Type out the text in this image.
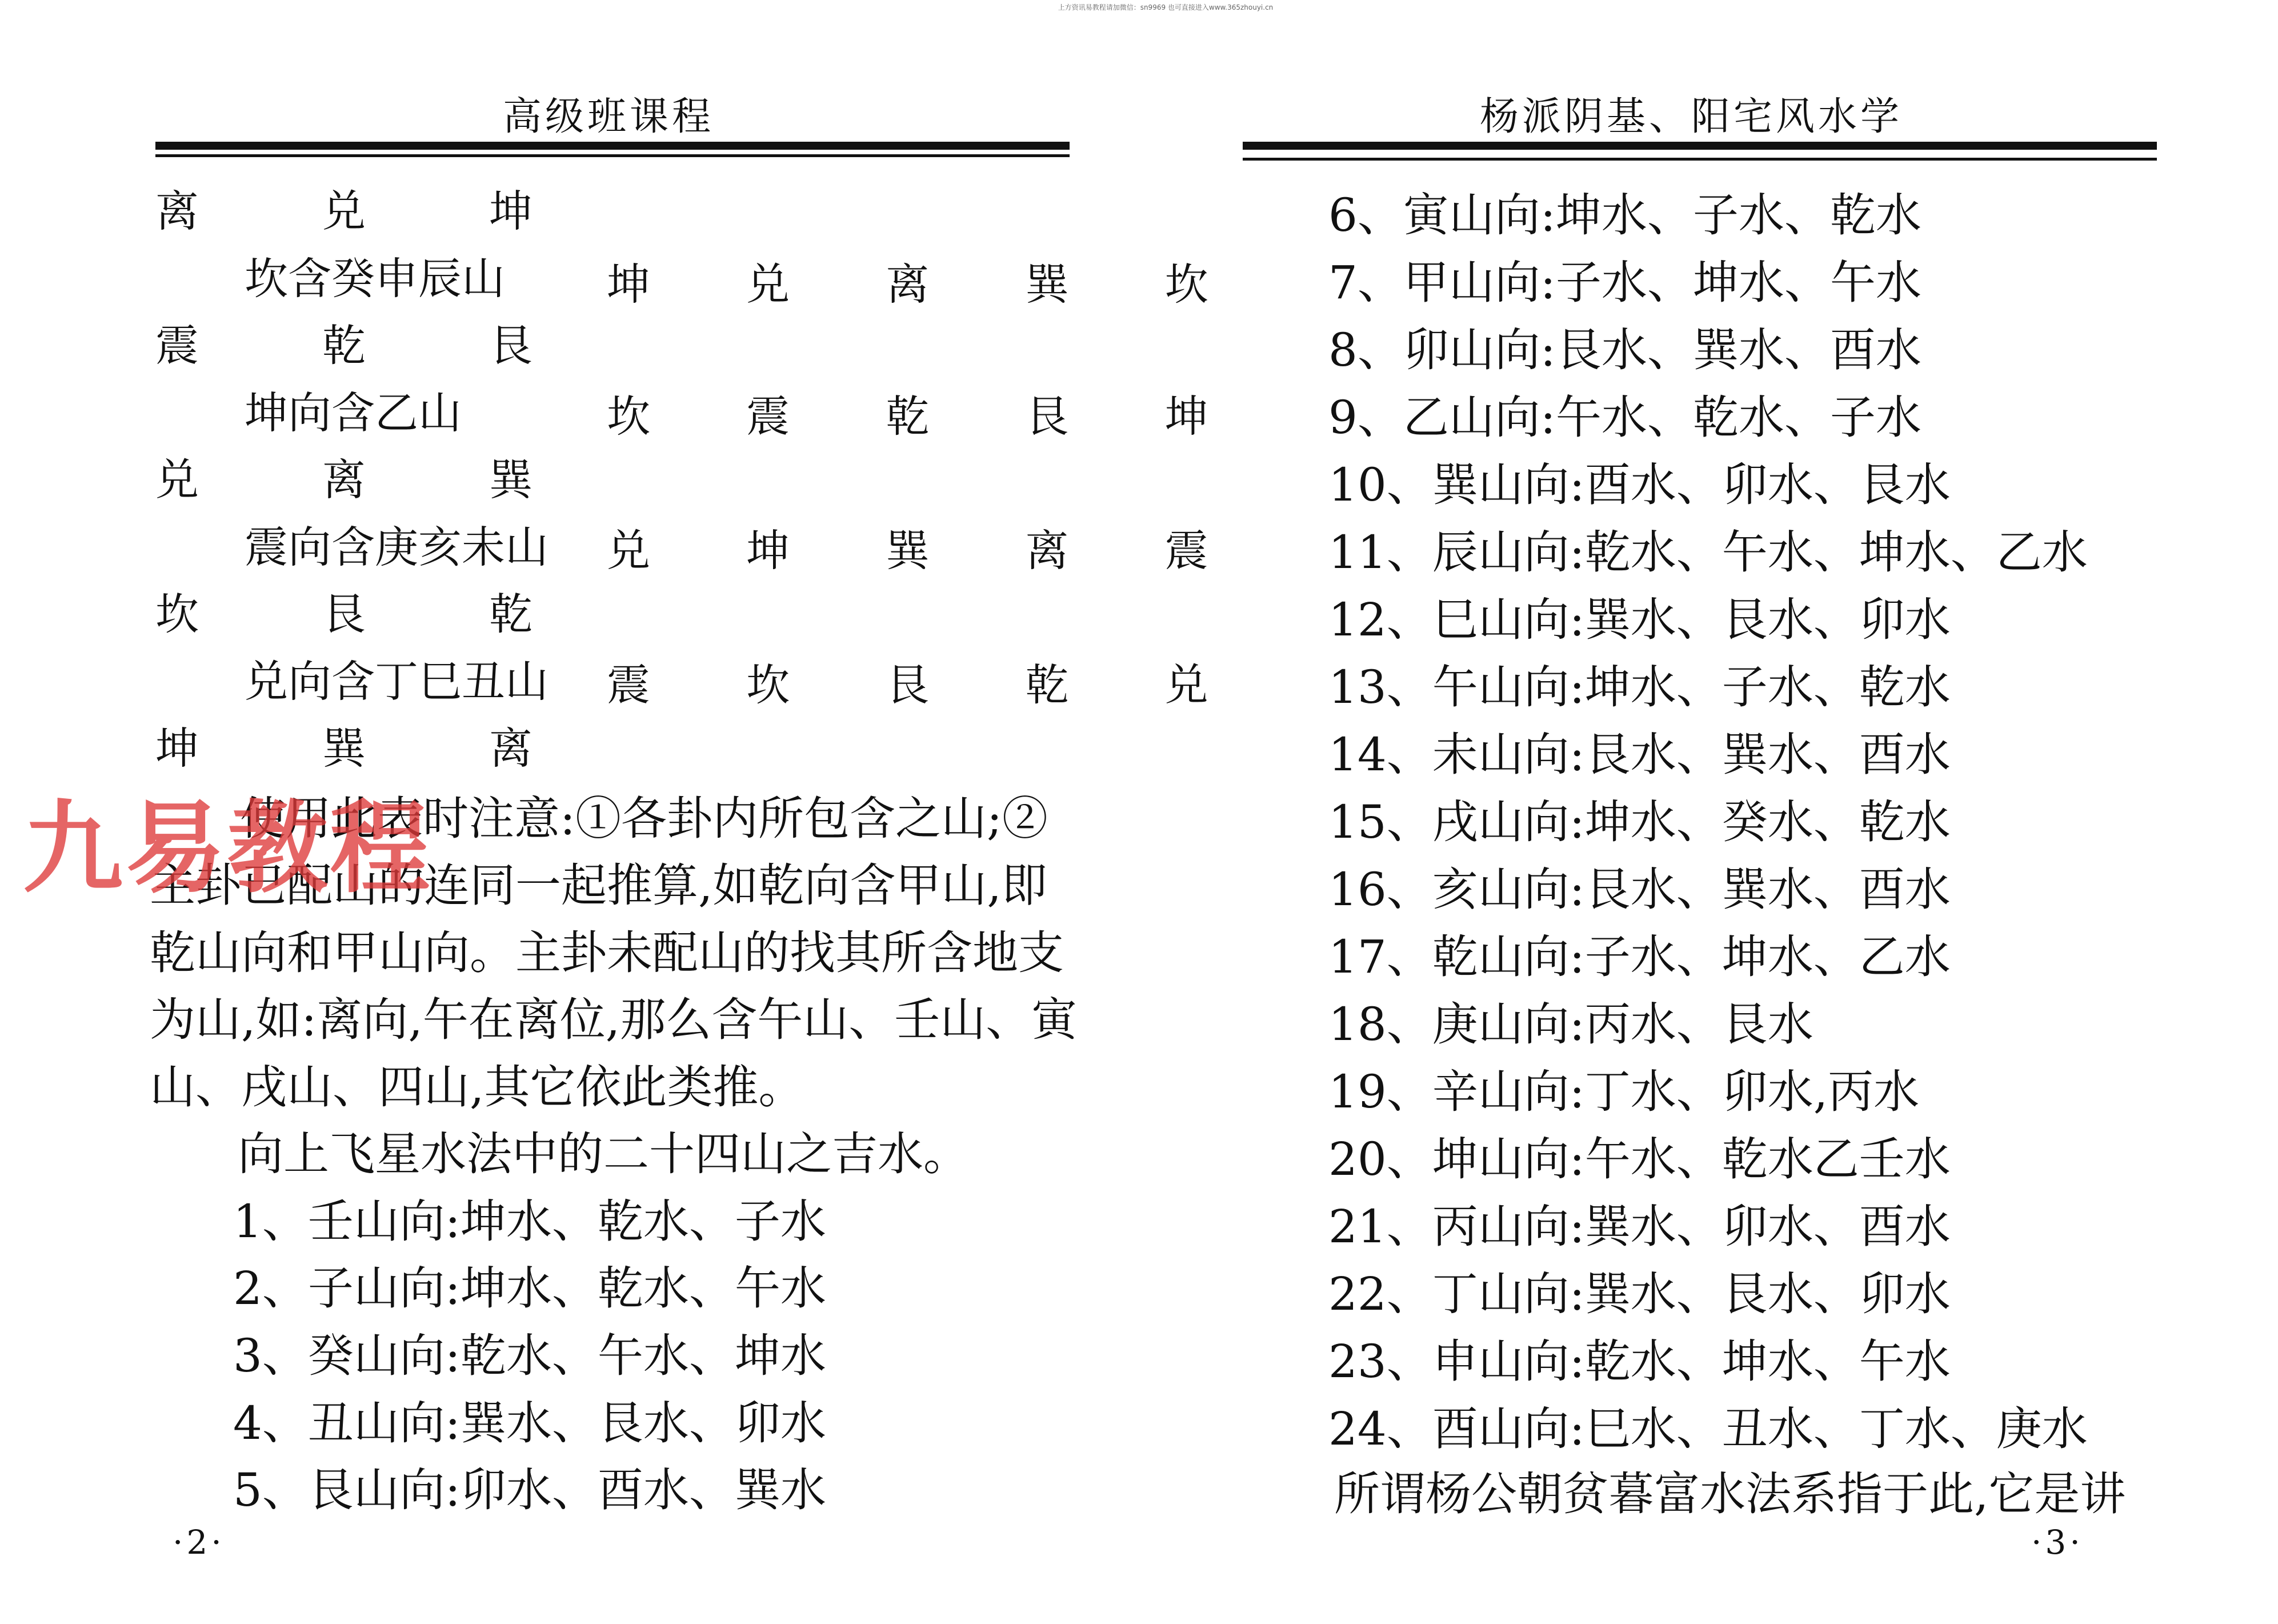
上方资讯易教程请加微信：sn9969 也可直接进入www.365zhouyi.cn
高级班课程
离　兑　坤
坎含癸申辰山 坤 兑 离 巽 坎
震　乾　艮
坤向含乙山	坎 震 乾 艮 坤
兑　离　巽
震向含庚亥未山 兑 坤 巽 离 震
坎　艮　乾
兑向含丁巳丑山 震 坎 艮 乾 兑
坤　巽　离
使用此表时注意:①各卦内所包含之山;②
主卦已配山的连同一起推算,如乾向含甲山,即
乾山向和甲山向。主卦未配山的找其所含地支
为山,如:离向,午在离位,那么含午山、壬山、寅
山、戌山、四山,其它依此类推。
向上飞星水法中的二十四山之吉水。
1、壬山向:坤水、乾水、子水
2、子山向:坤水、乾水、午水
3、癸山向:乾水、午水、坤水
4、丑山向:巽水、艮水、卯水
5、艮山向:卯水、酉水、巽水
·2·
杨派阴基、阳宅风水学
6、寅山向:坤水、子水、乾水
7、甲山向:子水、坤水、午水
8、卯山向:艮水、巽水、酉水
9、乙山向:午水、乾水、子水
10、巽山向:酉水、卯水、艮水
11、辰山向:乾水、午水、坤水、乙水
12、巳山向:巽水、艮水、卯水
13、午山向:坤水、子水、乾水
14、未山向:艮水、巽水、酉水
15、戌山向:坤水、癸水、乾水
16、亥山向:艮水、巽水、酉水
17、乾山向:子水、坤水、乙水
18、庚山向:丙水、艮水
19、辛山向:丁水、卯水,丙水
20、坤山向:午水、乾水乙壬水
21、丙山向:巽水、卯水、酉水
22、丁山向:巽水、艮水、卯水
23、申山向:乾水、坤水、午水
24、酉山向:巳水、丑水、丁水、庚水
所谓杨公朝贫暮富水法系指于此,它是讲
·3·
九易教程
